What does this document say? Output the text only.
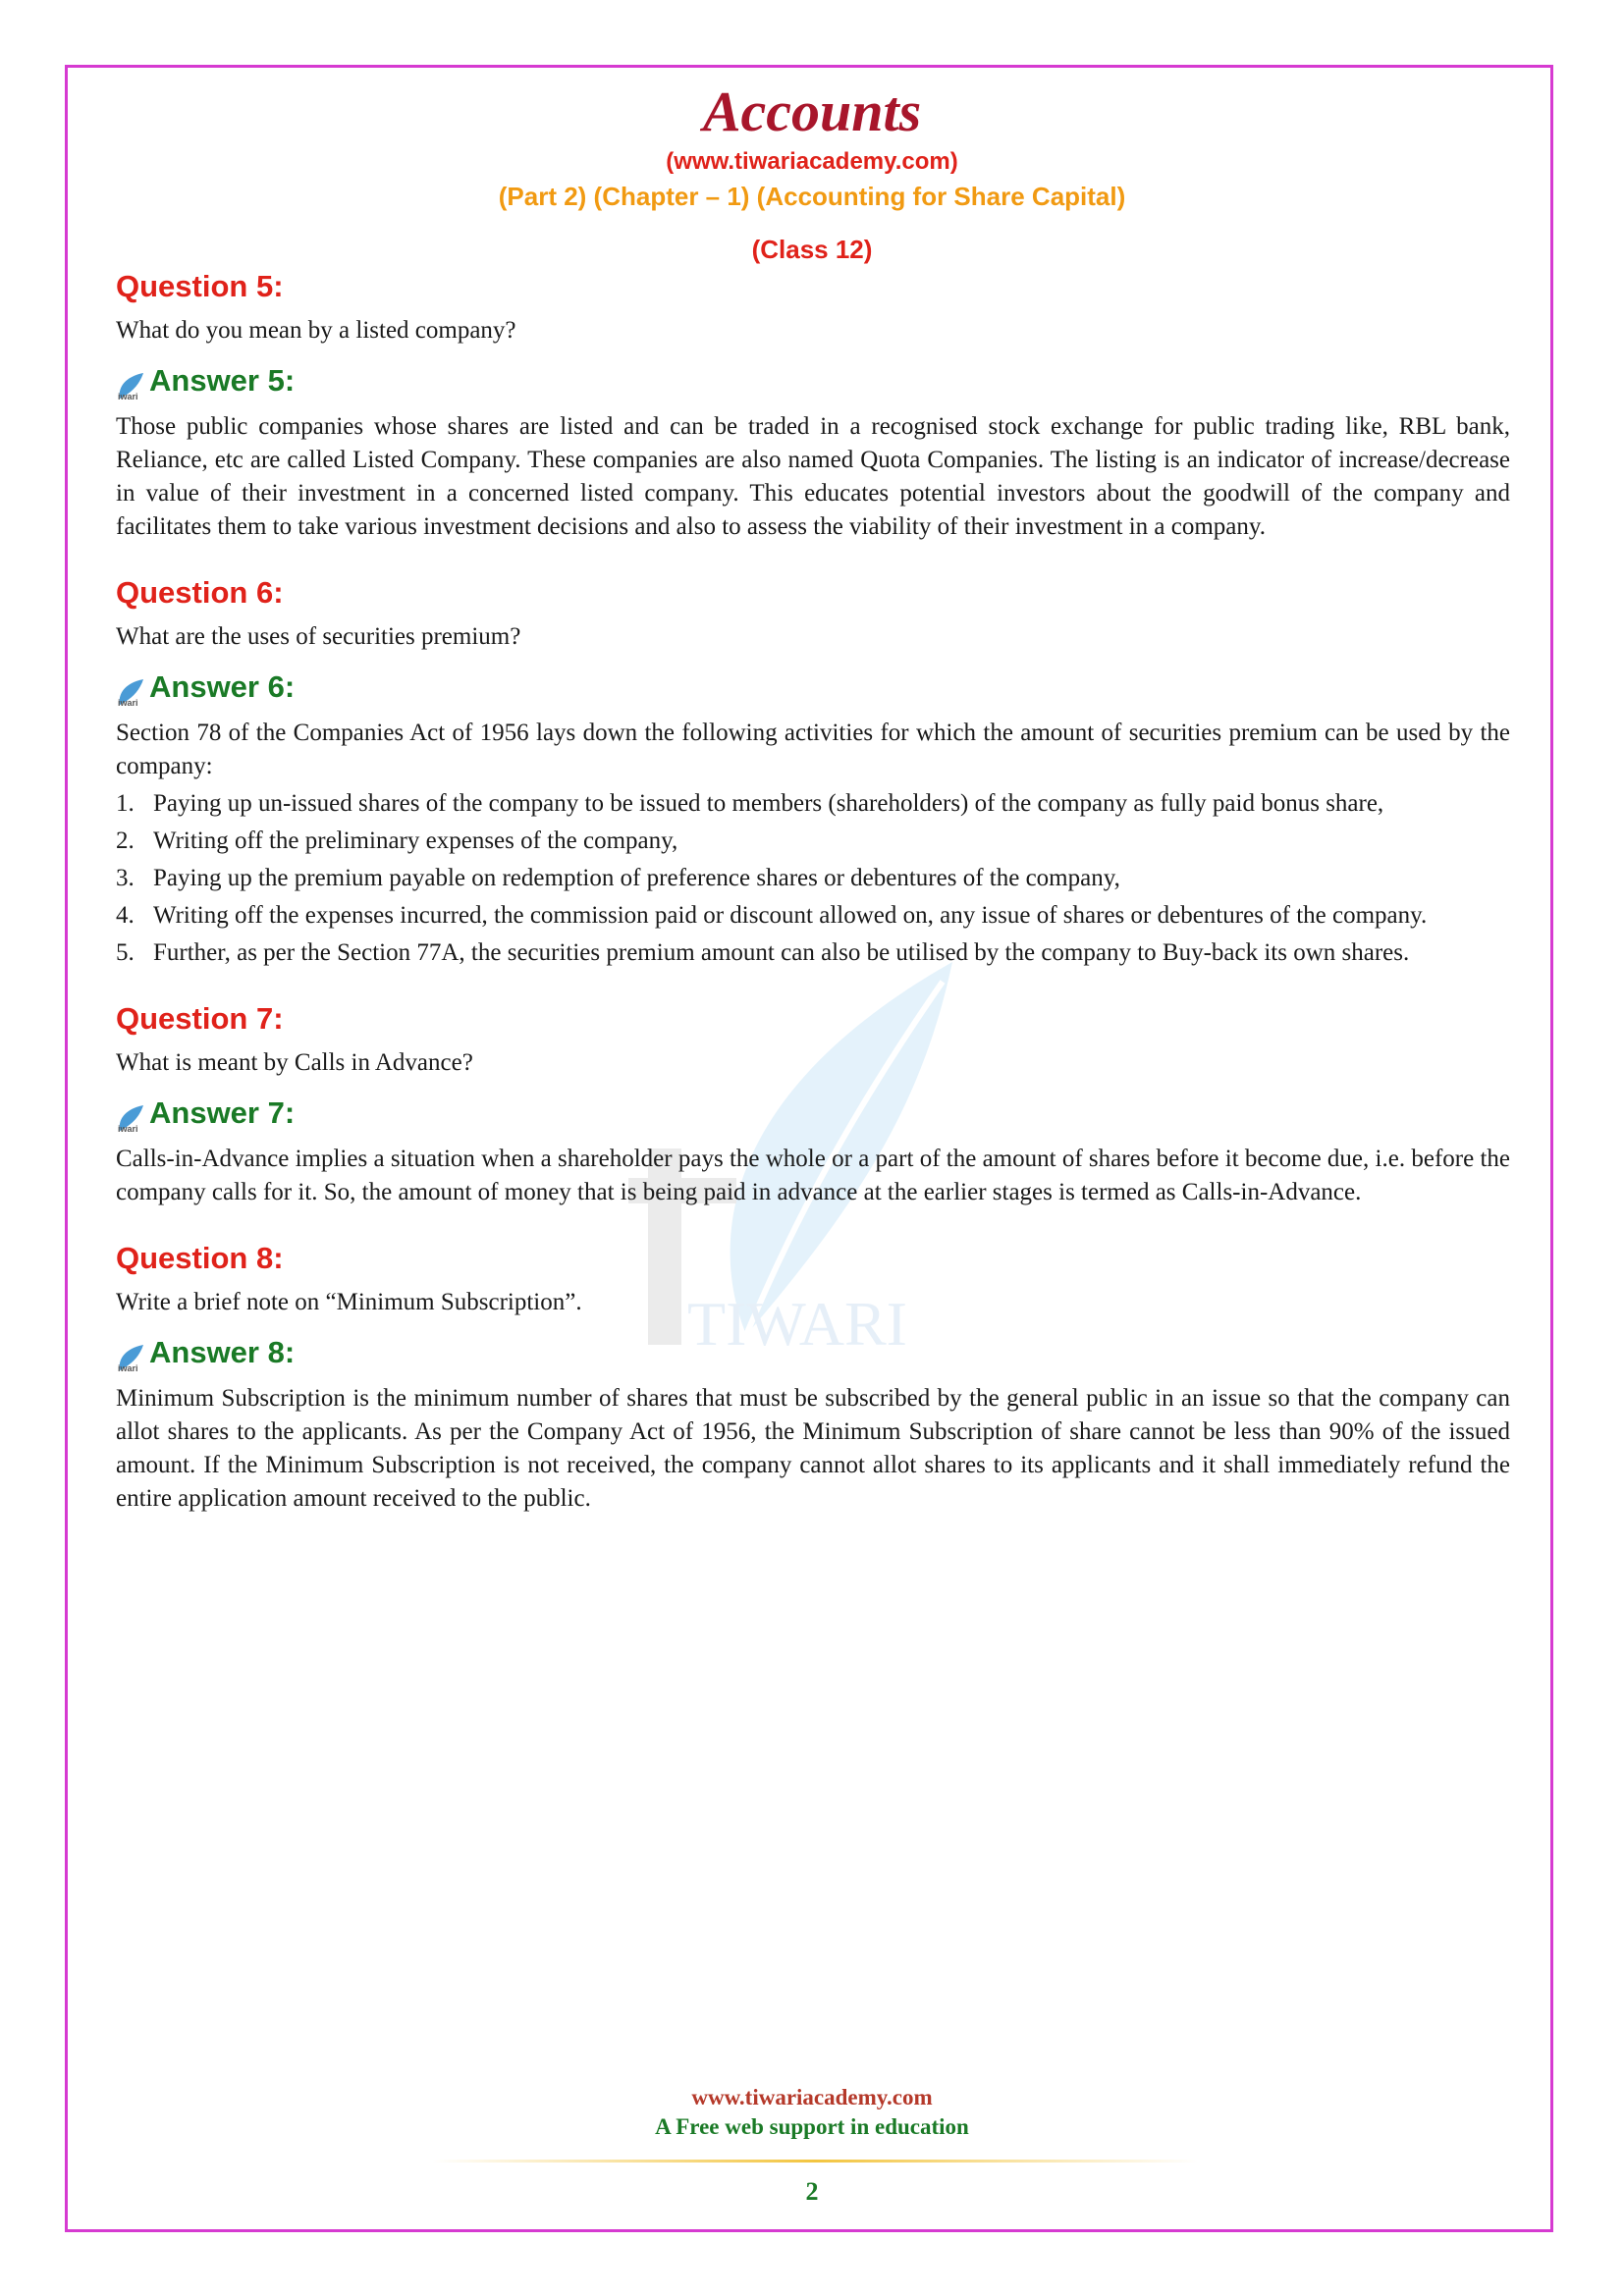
TIWARI
Accounts
(www.tiwariacademy.com)
(Part 2) (Chapter – 1) (Accounting for Share Capital)
(Class 12)
Question 5:

What do you mean by a listed company?

iwari Answer 5:

Those public companies whose shares are listed and can be traded in a recognised stock exchange for public trading like, RBL bank, Reliance, etc are called Listed Company. These companies are also named Quota Companies. The listing is an indicator of increase/decrease in value of their investment in a concerned listed company. This educates potential investors about the goodwill of the company and facilitates them to take various investment decisions and also to assess the viability of their investment in a company.

Question 6:

What are the uses of securities premium?

iwari Answer 6:

Section 78 of the Companies Act of 1956 lays down the following activities for which the amount of securities premium can be used by the company:

1. Paying up un-issued shares of the company to be issued to members (shareholders) of the company as fully paid bonus share,
2. Writing off the preliminary expenses of the company,
3. Paying up the premium payable on redemption of preference shares or debentures of the company,
4. Writing off the expenses incurred, the commission paid or discount allowed on, any issue of shares or debentures of the company.
5. Further, as per the Section 77A, the securities premium amount can also be utilised by the company to Buy-back its own shares.
Question 7:

What is meant by Calls in Advance?

iwari Answer 7:

Calls-in-Advance implies a situation when a shareholder pays the whole or a part of the amount of shares before it become due, i.e. before the company calls for it. So, the amount of money that is being paid in advance at the earlier stages is termed as Calls-in-Advance.

Question 8:

Write a brief note on “Minimum Subscription”.

iwari Answer 8:

Minimum Subscription is the minimum number of shares that must be subscribed by the general public in an issue so that the company can allot shares to the applicants. As per the Company Act of 1956, the Minimum Subscription of share cannot be less than 90% of the issued amount. If the Minimum Subscription is not received, the company cannot allot shares to its applicants and it shall immediately refund the entire application amount received to the public.

www.tiwariacademy.com
A Free web support in education
2
